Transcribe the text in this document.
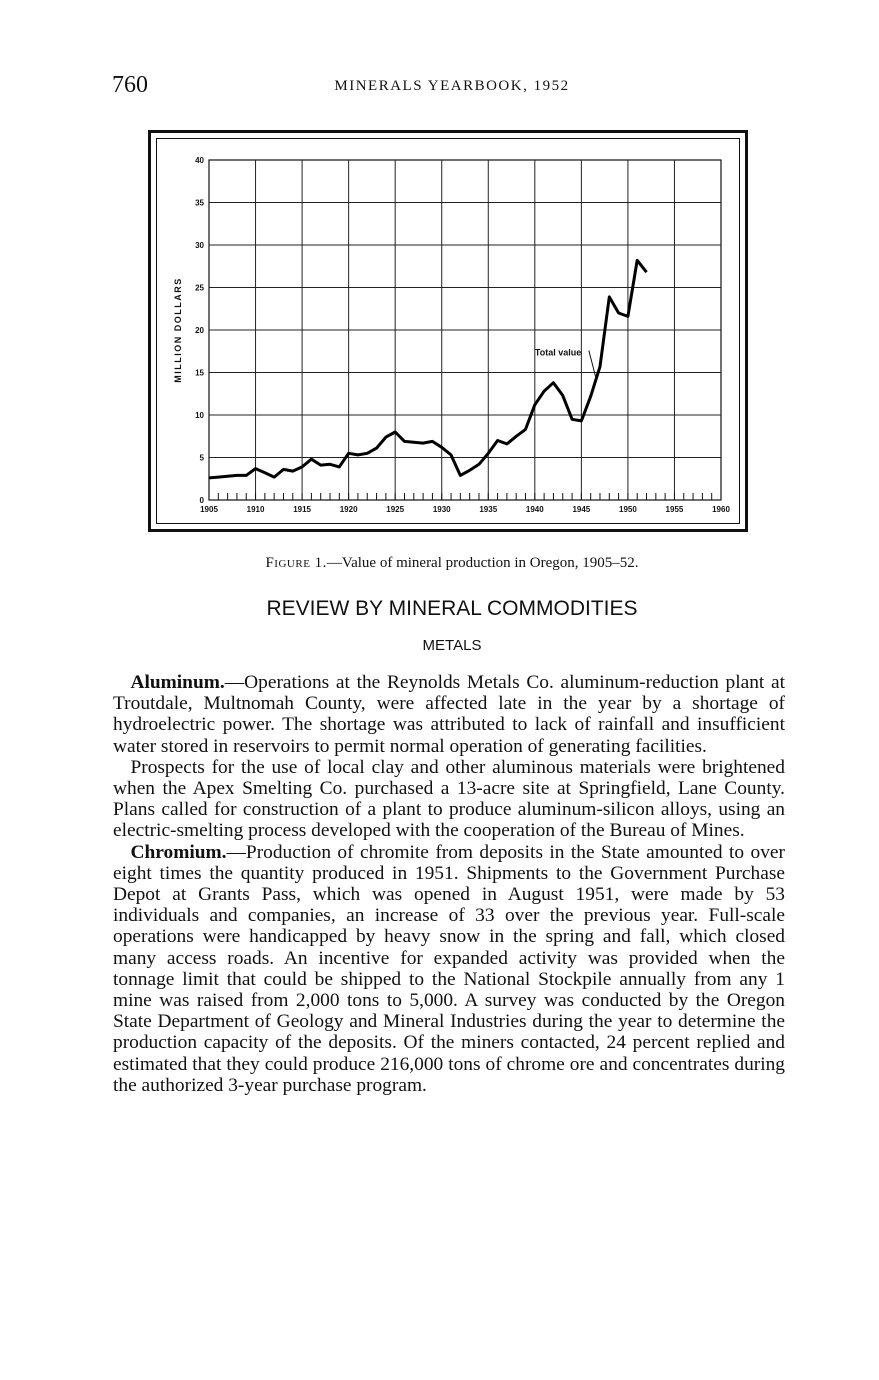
760	MINERALS YEARBOOK, 1952
1905	1910	1915	1920	1925	1930	1935	1940	1945	1950	1955	1960
0
5
10
15
20
25
30
35
40
MILLION DOLLARS	Total value
Figure 1.—Value of mineral production in Oregon, 1905–52.
REVIEW BY MINERAL COMMODITIES
METALS

Aluminum.—Operations at the Reynolds Metals Co. aluminum-reduction plant at Troutdale, Multnomah County, were affected late in the year by a shortage of hydroelectric power. The shortage was attributed to lack of rainfall and insufficient water stored in reservoirs to permit normal operation of generating facilities.

Prospects for the use of local clay and other aluminous materials were brightened when the Apex Smelting Co. purchased a 13-acre site at Springfield, Lane County. Plans called for construction of a plant to produce aluminum-silicon alloys, using an electric-smelting process developed with the cooperation of the Bureau of Mines.

Chromium.—Production of chromite from deposits in the State amounted to over eight times the quantity produced in 1951. Shipments to the Government Purchase Depot at Grants Pass, which was opened in August 1951, were made by 53 individuals and companies, an increase of 33 over the previous year. Full-scale operations were handicapped by heavy snow in the spring and fall, which closed many access roads. An incentive for expanded activity was provided when the tonnage limit that could be shipped to the National Stockpile annually from any 1 mine was raised from 2,000 tons to 5,000. A survey was conducted by the Oregon State Department of Geology and Mineral Industries during the year to determine the production capacity of the deposits. Of the miners contacted, 24 percent replied and estimated that they could produce 216,000 tons of chrome ore and concentrates during the authorized 3-year purchase program.
